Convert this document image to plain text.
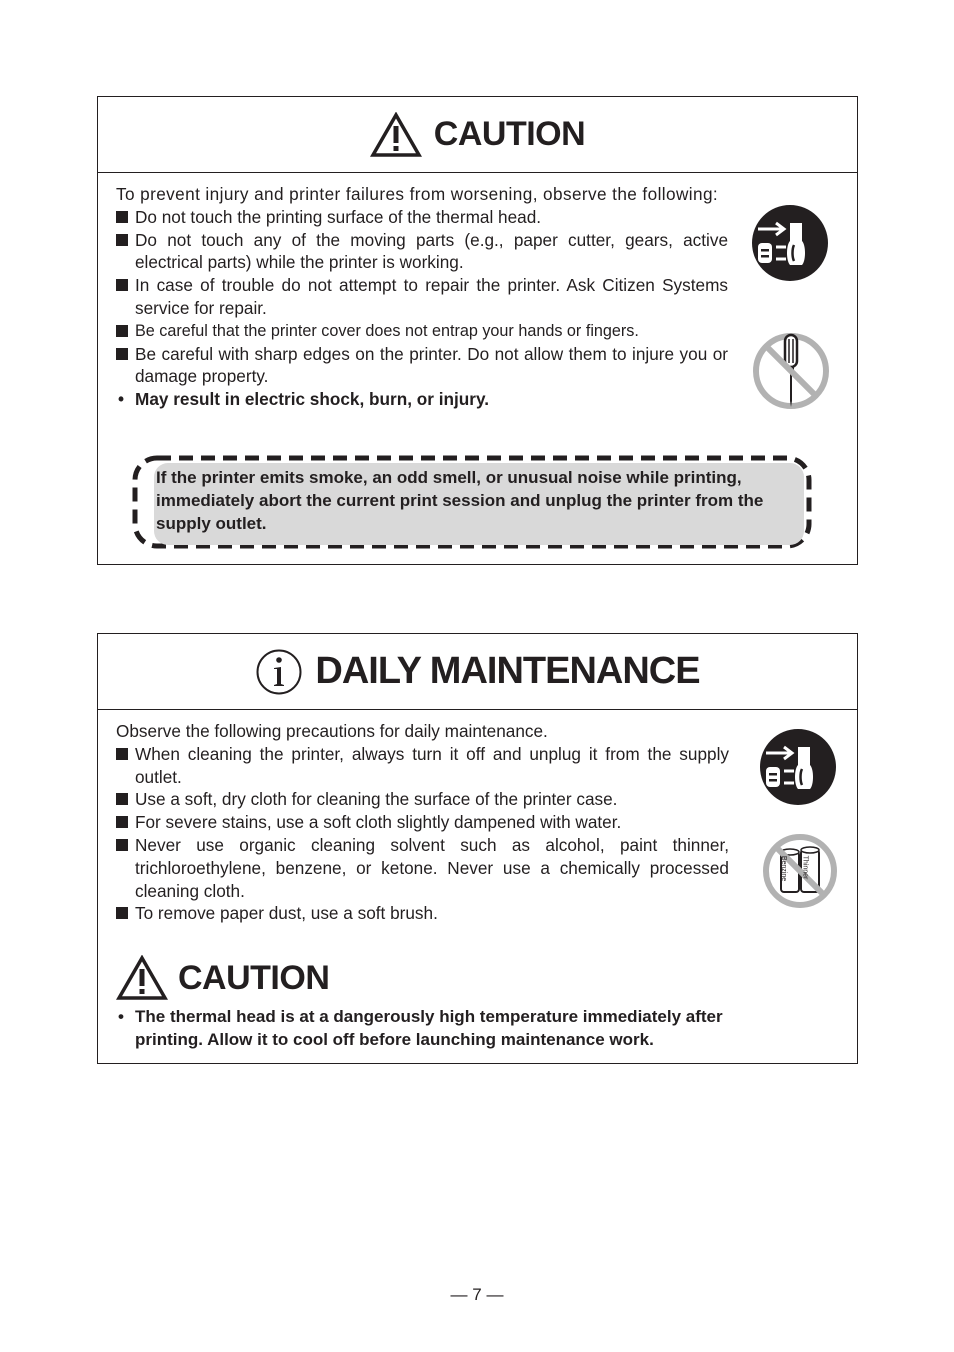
CAUTION

To prevent injury and printer failures from worsening, observe the following:

Do not touch the printing surface of the thermal head.
Do not touch any of the moving parts (e.g., paper cutter, gears, active electrical parts) while the printer is working.
In case of trouble do not attempt to repair the printer. Ask Citizen Systems service for repair.
Be careful that the printer cover does not entrap your hands or fingers.
Be careful with sharp edges on the printer. Do not allow them to injure you or damage property.
• May result in electric shock, burn, or injury.
If the printer emits smoke, an odd smell, or unusual noise while printing, immediately abort the current print session and unplug the printer from the supply outlet.
DAILY MAINTENANCE

Observe the following precautions for daily maintenance.

When cleaning the printer, always turn it off and unplug it from the supply outlet.
Use a soft, dry cloth for cleaning the surface of the printer case.
For severe stains, use a soft cloth slightly dampened with water.
Never use organic cleaning solvent such as alcohol, paint thinner, trichloroethylene, benzene, or ketone. Never use a chemically processed cleaning cloth.
To remove paper dust, use a soft brush.
Benzine Thinner
CAUTION
• The thermal head is at a dangerously high temperature immediately after printing. Allow it to cool off before launching maintenance work.
— 7 —
